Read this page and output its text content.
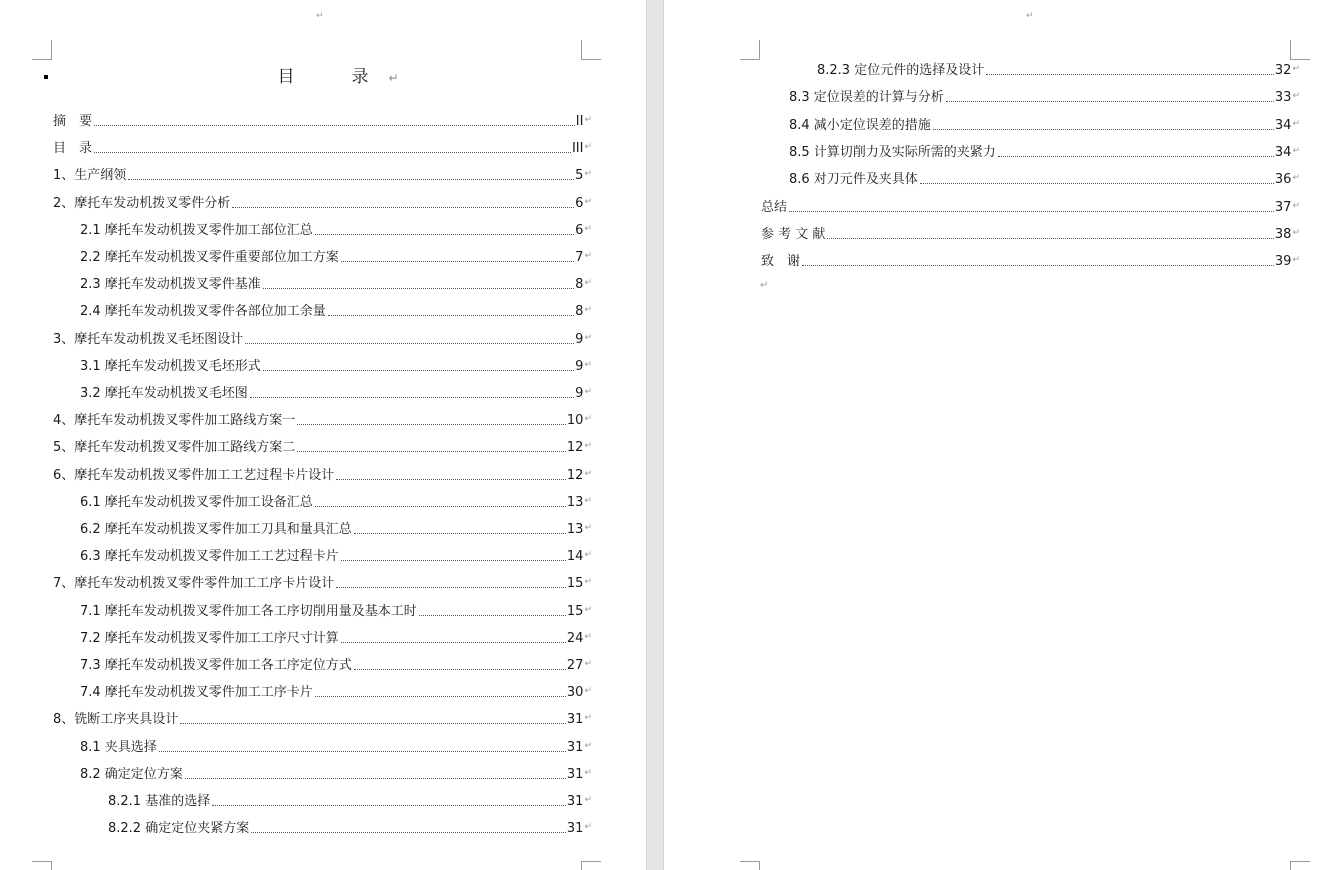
↵
目　录↵
摘　要	II ↵
目　录	III ↵
1、生产纲领	5 ↵
2、摩托车发动机拨叉零件分析	6 ↵
2.1 摩托车发动机拨叉零件加工部位汇总	6 ↵
2.2 摩托车发动机拨叉零件重要部位加工方案	7 ↵
2.3 摩托车发动机拨叉零件基准	8 ↵
2.4 摩托车发动机拨叉零件各部位加工余量	8 ↵
3、摩托车发动机拨叉毛坯图设计	9 ↵
3.1 摩托车发动机拨叉毛坯形式	9 ↵
3.2 摩托车发动机拨叉毛坯图	9 ↵
4、摩托车发动机拨叉零件加工路线方案一	10 ↵
5、摩托车发动机拨叉零件加工路线方案二	12 ↵
6、摩托车发动机拨叉零件加工工艺过程卡片设计	12 ↵
6.1 摩托车发动机拨叉零件加工设备汇总	13 ↵
6.2 摩托车发动机拨叉零件加工刀具和量具汇总	13 ↵
6.3 摩托车发动机拨叉零件加工工艺过程卡片	14 ↵
7、摩托车发动机拨叉零件零件加工工序卡片设计	15 ↵
7.1 摩托车发动机拨叉零件加工各工序切削用量及基本工时	15 ↵
7.2 摩托车发动机拨叉零件加工工序尺寸计算	24 ↵
7.3 摩托车发动机拨叉零件加工各工序定位方式	27 ↵
7.4 摩托车发动机拨叉零件加工工序卡片	30 ↵
8、铣断工序夹具设计	31 ↵
8.1 夹具选择	31 ↵
8.2 确定定位方案	31 ↵
8.2.1 基准的选择	31 ↵
8.2.2 确定定位夹紧方案	31 ↵
↵
8.2.3 定位元件的选择及设计	32 ↵
8.3 定位误差的计算与分析	33 ↵
8.4 减小定位误差的措施	34 ↵
8.5 计算切削力及实际所需的夹紧力	34 ↵
8.6 对刀元件及夹具体	36 ↵
总结	37 ↵
参 考 文 献	38 ↵
致　谢	39 ↵
↵
